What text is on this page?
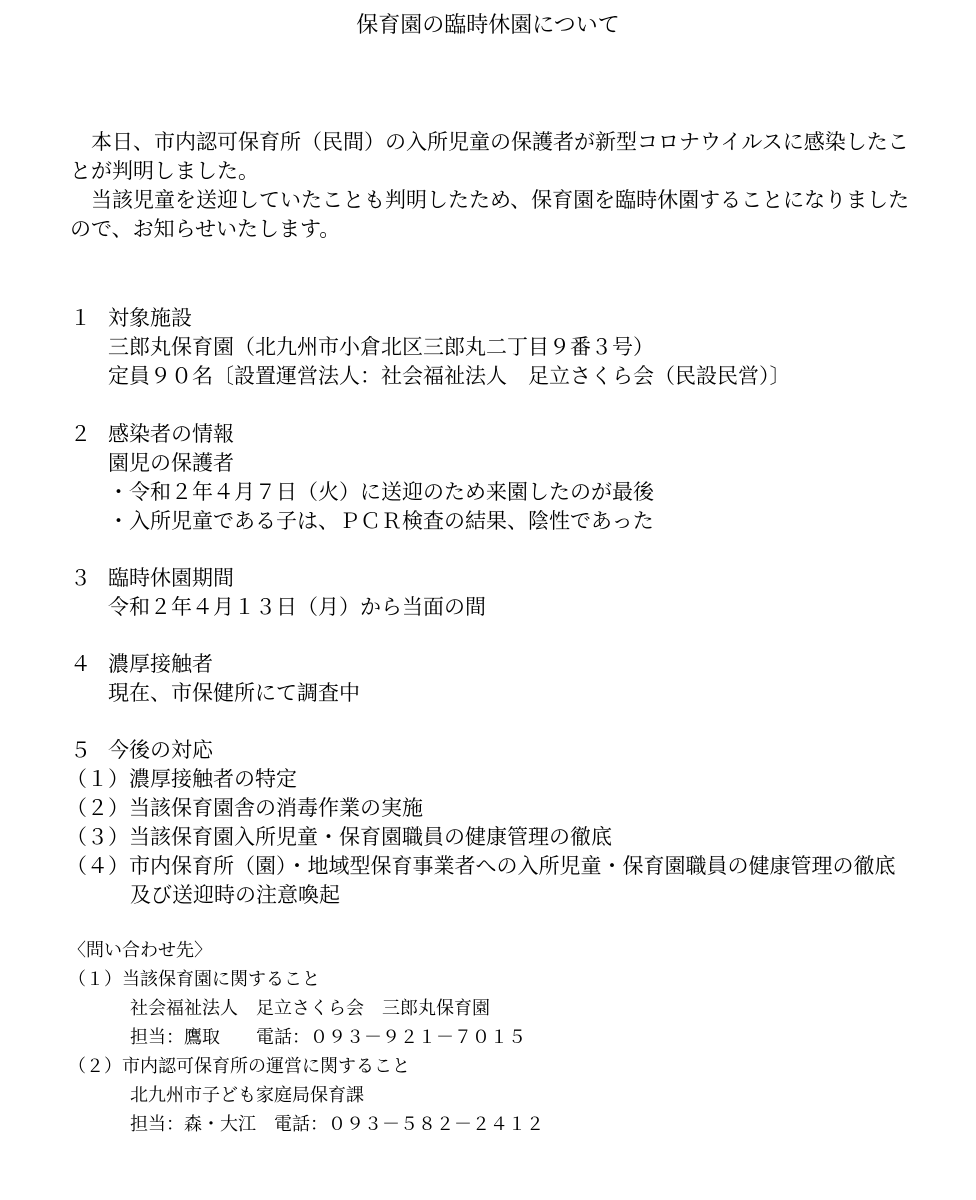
保育園の臨時休園について
　本日、市内認可保育所（民間）の入所児童の保護者が新型コロナウイルスに感染したこ
とが判明しました。
　当該児童を送迎していたことも判明したため、保育園を臨時休園することになりました
ので、お知らせいたします。
１ 対象施設
三郎丸保育園（北九州市小倉北区三郎丸二丁目９番３号）
定員９０名〔設置運営法人：社会福祉法人　足立さくら会（民設民営）〕
２ 感染者の情報
園児の保護者
・令和２年４月７日（火）に送迎のため来園したのが最後
・入所児童である子は、ＰＣＲ検査の結果、陰性であった
３ 臨時休園期間
令和２年４月１３日（月）から当面の間
４ 濃厚接触者
現在、市保健所にて調査中
５ 今後の対応
（１）濃厚接触者の特定
（２）当該保育園舎の消毒作業の実施
（３）当該保育園入所児童・保育園職員の健康管理の徹底
（４）市内保育所（園）・地域型保育事業者への入所児童・保育園職員の健康管理の徹底
及び送迎時の注意喚起
〈問い合わせ先〉
（１）当該保育園に関すること
社会福祉法人　足立さくら会　三郎丸保育園
担当：鷹取　　電話：０９３－９２１－７０１５
（２）市内認可保育所の運営に関すること
北九州市子ども家庭局保育課
担当：森・大江　電話：０９３－５８２－２４１２
